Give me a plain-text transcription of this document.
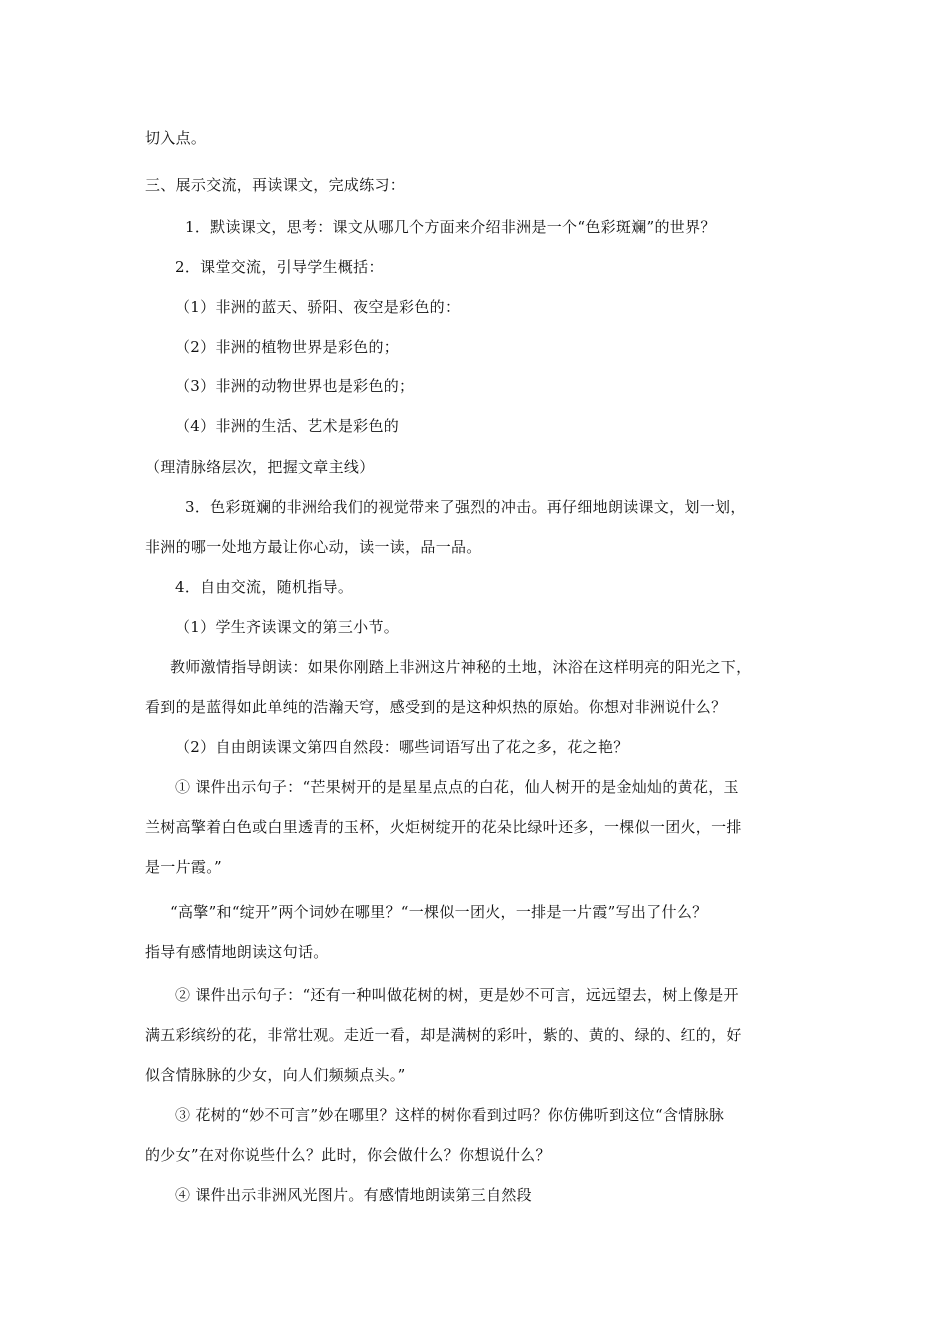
切入点。
三、展示交流，再读课文，完成练习：
1．默读课文，思考：课文从哪几个方面来介绍非洲是一个“色彩斑斓”的世界？
2．课堂交流，引导学生概括：
（1）非洲的蓝天、骄阳、夜空是彩色的：
（2）非洲的植物世界是彩色的；
（3）非洲的动物世界也是彩色的；
（4）非洲的生活、艺术是彩色的
（理清脉络层次，把握文章主线）
3．色彩斑斓的非洲给我们的视觉带来了强烈的冲击。再仔细地朗读课文，划一划，
非洲的哪一处地方最让你心动，读一读，品一品。
4．自由交流，随机指导。
（1）学生齐读课文的第三小节。
教师激情指导朗读：如果你刚踏上非洲这片神秘的土地，沐浴在这样明亮的阳光之下，
看到的是蓝得如此单纯的浩瀚天穹，感受到的是这种炽热的原始。你想对非洲说什么？
（2）自由朗读课文第四自然段：哪些词语写出了花之多，花之艳？
① 课件出示句子：“芒果树开的是星星点点的白花，仙人树开的是金灿灿的黄花，玉
兰树高擎着白色或白里透青的玉杯，火炬树绽开的花朵比绿叶还多，一棵似一团火，一排
是一片霞。”
“高擎”和“绽开”两个词妙在哪里？“一棵似一团火，一排是一片霞”写出了什么？
指导有感情地朗读这句话。
② 课件出示句子：“还有一种叫做花树的树，更是妙不可言，远远望去，树上像是开
满五彩缤纷的花，非常壮观。走近一看，却是满树的彩叶，紫的、黄的、绿的、红的，好
似含情脉脉的少女，向人们频频点头。”
③ 花树的“妙不可言”妙在哪里？这样的树你看到过吗？你仿佛听到这位“含情脉脉
的少女”在对你说些什么？此时，你会做什么？你想说什么？
④ 课件出示非洲风光图片。有感情地朗读第三自然段
